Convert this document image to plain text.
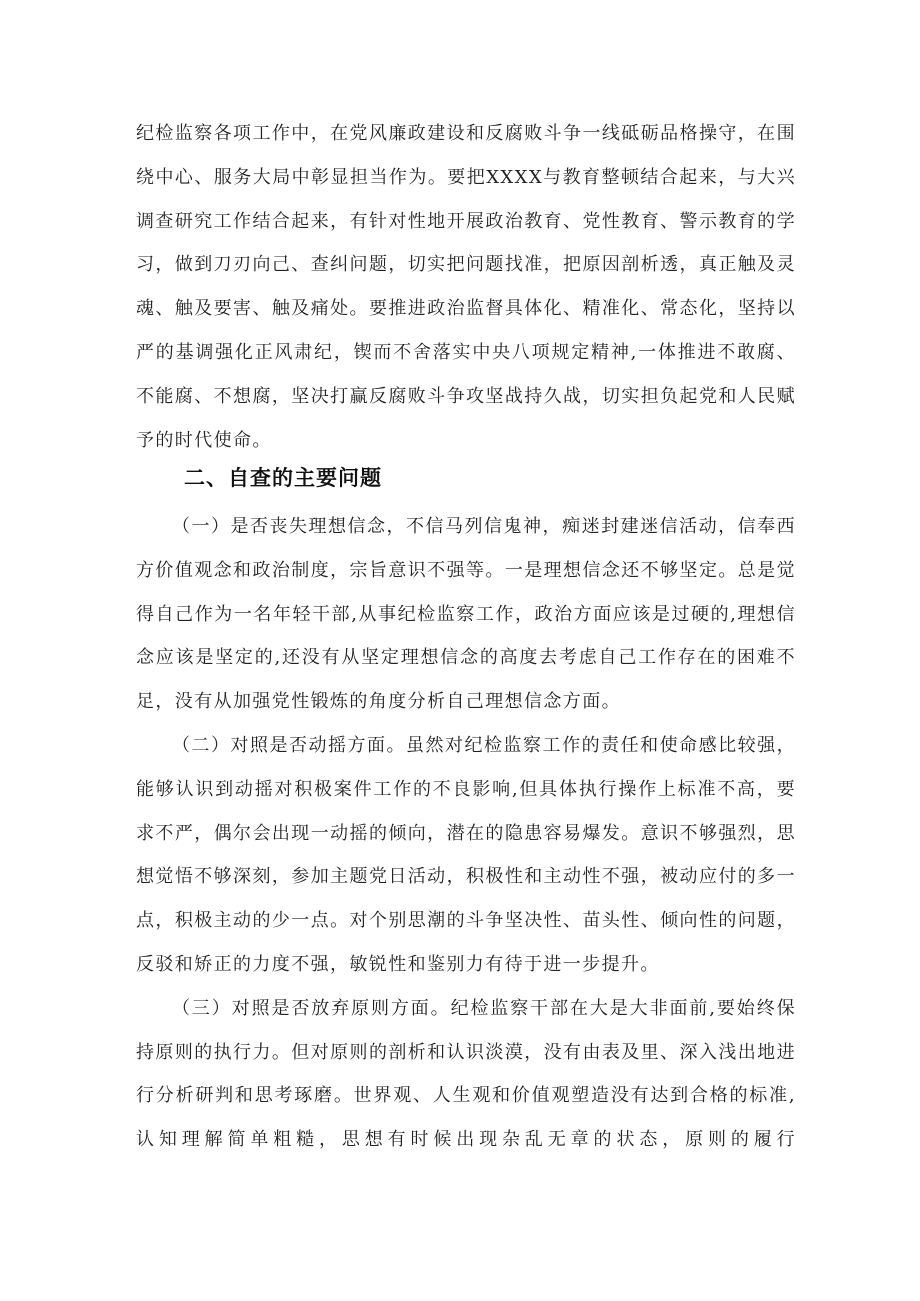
纪检监察各项工作中，在党风廉政建设和反腐败斗争一线砥砺品格操守，在围绕中心、服务大局中彰显担当作为。要把XXXX与教育整顿结合起来，与大兴调查研究工作结合起来，有针对性地开展政治教育、党性教育、警示教育的学习，做到刀刃向己、查纠问题，切实把问题找准，把原因剖析透，真正触及灵魂、触及要害、触及痛处。要推进政治监督具体化、精准化、常态化，坚持以严的基调强化正风肃纪，锲而不舍落实中央八项规定精神,一体推进不敢腐、不能腐、不想腐，坚决打赢反腐败斗争攻坚战持久战，切实担负起党和人民赋予的时代使命。

二、自查的主要问题

（一）是否丧失理想信念，不信马列信鬼神，痴迷封建迷信活动，信奉西方价值观念和政治制度，宗旨意识不强等。一是理想信念还不够坚定。总是觉得自己作为一名年轻干部,从事纪检监察工作，政治方面应该是过硬的,理想信念应该是坚定的,还没有从坚定理想信念的高度去考虑自己工作存在的困难不足，没有从加强党性锻炼的角度分析自己理想信念方面。

（二）对照是否动摇方面。虽然对纪检监察工作的责任和使命感比较强，能够认识到动摇对积极案件工作的不良影响,但具体执行操作上标准不高，要求不严，偶尔会出现一动摇的倾向，潜在的隐患容易爆发。意识不够强烈，思想觉悟不够深刻，参加主题党日活动，积极性和主动性不强，被动应付的多一点，积极主动的少一点。对个别思潮的斗争坚决性、苗头性、倾向性的问题，反驳和矫正的力度不强，敏锐性和鉴别力有待于进一步提升。

（三）对照是否放弃原则方面。纪检监察干部在大是大非面前,要始终保持原则的执行力。但对原则的剖析和认识淡漠，没有由表及里、深入浅出地进行分析研判和思考琢磨。世界观、人生观和价值观塑造没有达到合格的标准,认知理解简单粗糙，思想有时候出现杂乱无章的状态，原则的履行
